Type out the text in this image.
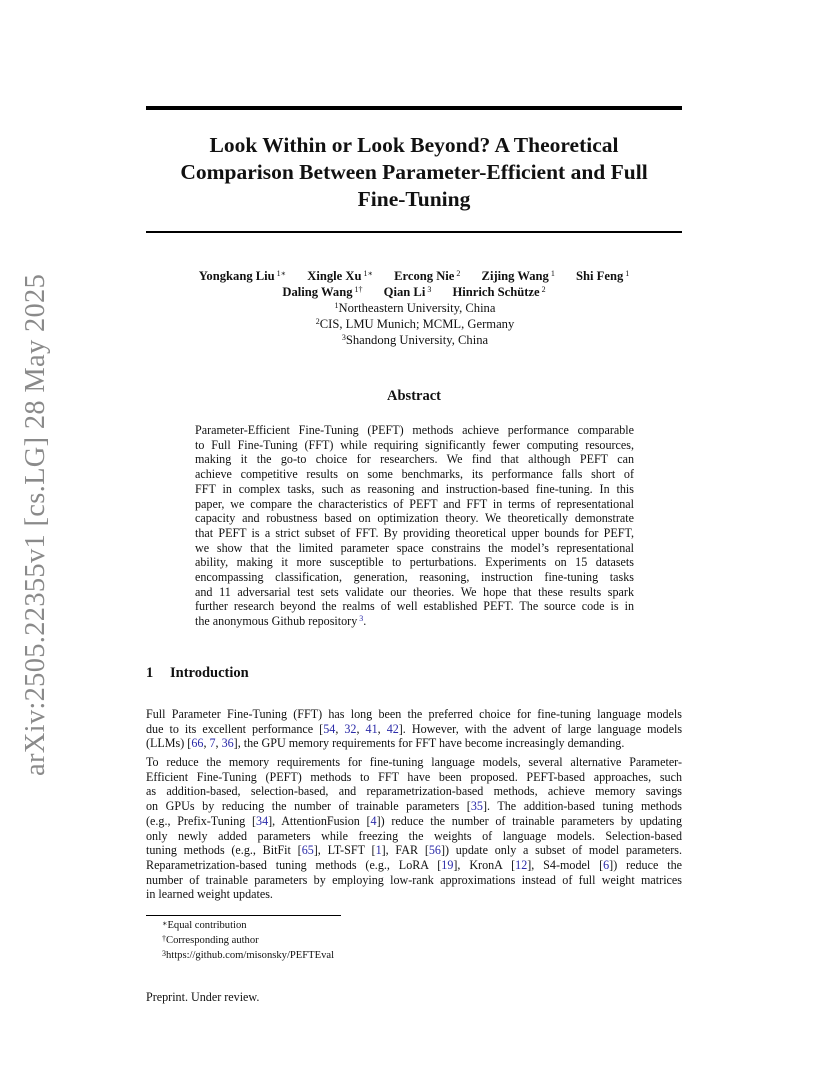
arXiv:2505.22355v1 [cs.LG] 28 May 2025
Look Within or Look Beyond? A Theoretical
Comparison Between Parameter-Efficient and Full
Fine-Tuning
Yongkang Liu $^{1∗}$ Xingle Xu $^{1∗}$ Ercong Nie $^2$ Zijing Wang $^1$ Shi Feng $^1$
Daling Wang $^{1\dagger}$ Qian Li $^3$ Hinrich Schütze $^2$
$^1$Northeastern University, China
$^2$CIS, LMU Munich; MCML, Germany
$^3$Shandong University, China
Abstract
Parameter-Efficient Fine-Tuning (PEFT) methods achieve performance comparable
to Full Fine-Tuning (FFT) while requiring significantly fewer computing resources,
making it the go-to choice for researchers. We find that although PEFT can
achieve competitive results on some benchmarks, its performance falls short of
FFT in complex tasks, such as reasoning and instruction-based fine-tuning. In this
paper, we compare the characteristics of PEFT and FFT in terms of representational
capacity and robustness based on optimization theory. We theoretically demonstrate
that PEFT is a strict subset of FFT. By providing theoretical upper bounds for PEFT,
we show that the limited parameter space constrains the model’s representational
ability, making it more susceptible to perturbations. Experiments on 15 datasets
encompassing classification, generation, reasoning, instruction fine-tuning tasks
and 11 adversarial test sets validate our theories. We hope that these results spark
further research beyond the realms of well established PEFT. The source code is in
the anonymous Github repository $^3$.
1 Introduction
Full Parameter Fine-Tuning (FFT) has long been the preferred choice for fine-tuning language models
due to its excellent performance [54, 32, 41, 42]. However, with the advent of large language models
(LLMs) [66, 7, 36], the GPU memory requirements for FFT have become increasingly demanding.
To reduce the memory requirements for fine-tuning language models, several alternative Parameter-
Efficient Fine-Tuning (PEFT) methods to FFT have been proposed. PEFT-based approaches, such
as addition-based, selection-based, and reparametrization-based methods, achieve memory savings
on GPUs by reducing the number of trainable parameters [35]. The addition-based tuning methods
(e.g., Prefix-Tuning [34], AttentionFusion [4]) reduce the number of trainable parameters by updating
only newly added parameters while freezing the weights of language models. Selection-based
tuning methods (e.g., BitFit [65], LT-SFT [1], FAR [56]) update only a subset of model parameters.
Reparametrization-based tuning methods (e.g., LoRA [19], KronA [12], S4-model [6]) reduce the
number of trainable parameters by employing low-rank approximations instead of full weight matrices
in learned weight updates.
∗Equal contribution
†Corresponding author
$^3$https://github.com/misonsky/PEFTEval
Preprint. Under review.
